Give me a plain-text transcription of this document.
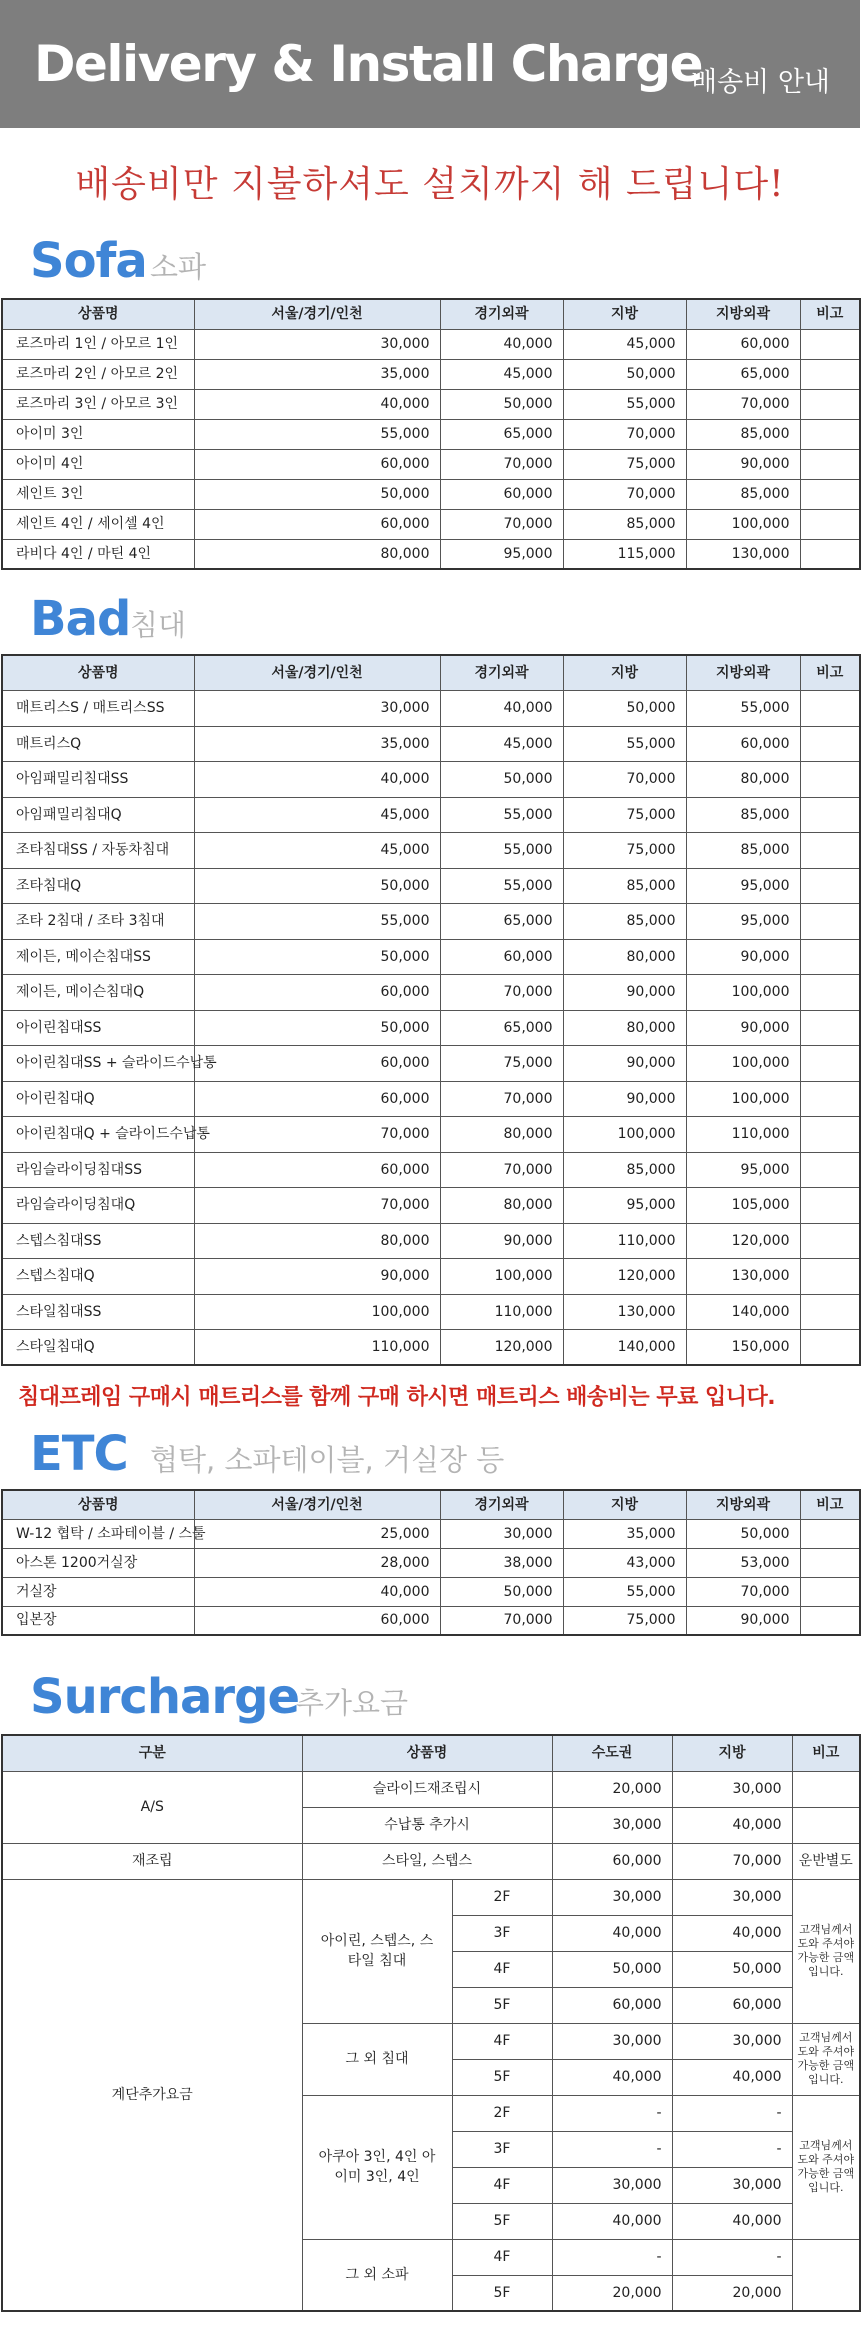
Delivery & Install Charge
배송비 안내
배송비만 지불하셔도 설치까지 해 드립니다!
Sofa 소파
상품명	서울/경기/인천	경기외곽	지방	지방외곽	비고
로즈마리 1인 / 아모르 1인	30,000	40,000	45,000	60,000	
로즈마리 2인 / 아모르 2인	35,000	45,000	50,000	65,000	
로즈마리 3인 / 아모르 3인	40,000	50,000	55,000	70,000	
아이미 3인	55,000	65,000	70,000	85,000	
아이미 4인	60,000	70,000	75,000	90,000	
세인트 3인	50,000	60,000	70,000	85,000	
세인트 4인 / 세이셀 4인	60,000	70,000	85,000	100,000	
라비다 4인 / 마틴 4인	80,000	95,000	115,000	130,000	
Bad 침대
상품명	서울/경기/인천	경기외곽	지방	지방외곽	비고
매트리스S / 매트리스SS	30,000	40,000	50,000	55,000	
매트리스Q	35,000	45,000	55,000	60,000	
아임패밀리침대SS	40,000	50,000	70,000	80,000	
아임패밀리침대Q	45,000	55,000	75,000	85,000	
조타침대SS / 자동차침대	45,000	55,000	75,000	85,000	
조타침대Q	50,000	55,000	85,000	95,000	
조타 2침대 / 조타 3침대	55,000	65,000	85,000	95,000	
제이든, 메이슨침대SS	50,000	60,000	80,000	90,000	
제이든, 메이슨침대Q	60,000	70,000	90,000	100,000	
아이린침대SS	50,000	65,000	80,000	90,000	
아이린침대SS + 슬라이드수납통	60,000	75,000	90,000	100,000	
아이린침대Q	60,000	70,000	90,000	100,000	
아이린침대Q + 슬라이드수납통	70,000	80,000	100,000	110,000	
라임슬라이딩침대SS	60,000	70,000	85,000	95,000	
라임슬라이딩침대Q	70,000	80,000	95,000	105,000	
스텝스침대SS	80,000	90,000	110,000	120,000	
스텝스침대Q	90,000	100,000	120,000	130,000	
스타일침대SS	100,000	110,000	130,000	140,000	
스타일침대Q	110,000	120,000	140,000	150,000	
침대프레임 구매시 매트리스를 함께 구매 하시면 매트리스 배송비는 무료 입니다.
ETC 협탁, 소파테이블, 거실장 등
상품명	서울/경기/인천	경기외곽	지방	지방외곽	비고
W-12 협탁 / 소파테이블 / 스툴	25,000	30,000	35,000	50,000	
아스톤 1200거실장	28,000	38,000	43,000	53,000	
거실장	40,000	50,000	55,000	70,000	
입본장	60,000	70,000	75,000	90,000	
Surcharge
추가요금
구분	상품명		수도권	지방	비고
A/S	슬라이드재조립시		20,000	30,000	
	수납통 추가시		30,000	40,000	
재조립	스타일, 스텝스		60,000	70,000	운반별도
계단추가요금	아이린, 스텝스, 스타일 침대	2F	30,000	30,000	고객님께서 도와 주셔야 가능한 금액 입니다.
		3F	40,000	40,000	
		4F	50,000	50,000	
		5F	60,000	60,000	
	그 외 침대	4F	30,000	30,000	고객님께서 도와 주셔야 가능한 금액 입니다.
		5F	40,000	40,000	
	아쿠아 3인, 4인 아이미 3인, 4인	2F	-	-	고객님께서 도와 주셔야 가능한 금액 입니다.
		3F	-	-	
		4F	30,000	30,000	
		5F	40,000	40,000	
	그 외 소파	4F	-	-	
		5F	20,000	20,000	
